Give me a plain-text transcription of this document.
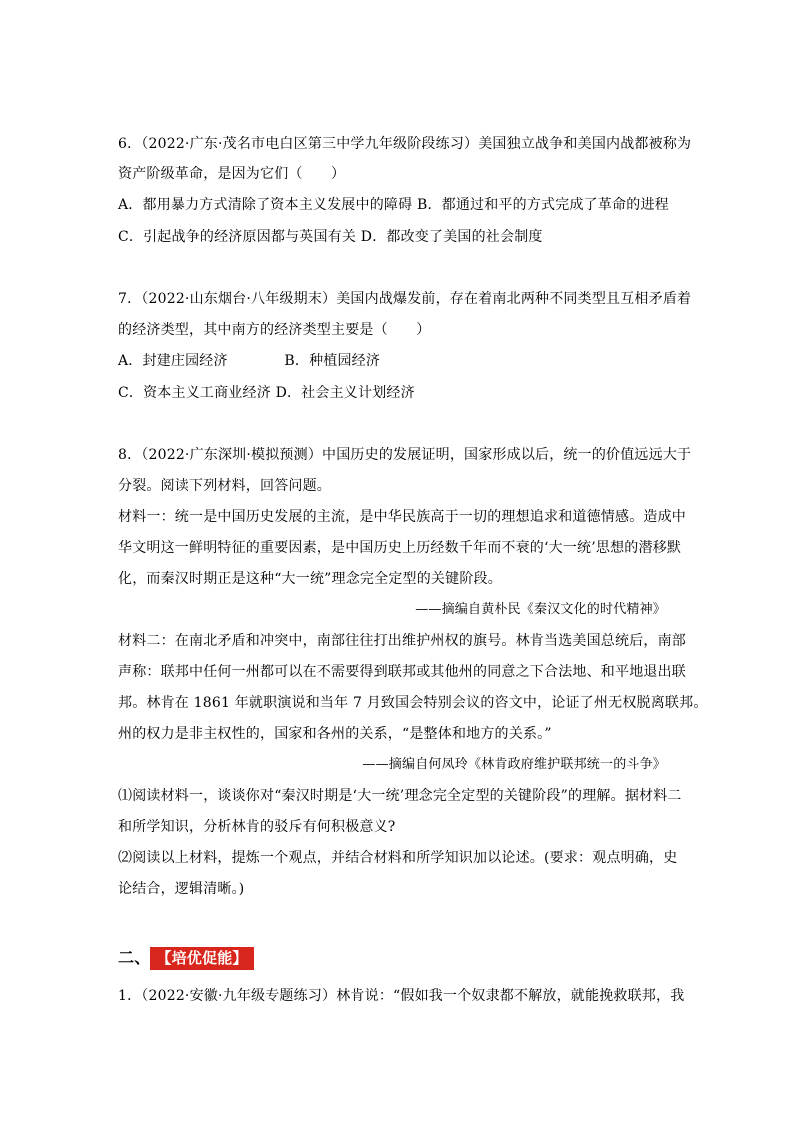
6．（2022·广东·茂名市电白区第三中学九年级阶段练习）美国独立战争和美国内战都被称为
资产阶级革命，是因为它们（　　）
A．都用暴力方式清除了资本主义发展中的障碍 B．都通过和平的方式完成了革命的进程
C．引起战争的经济原因都与英国有关 D．都改变了美国的社会制度
7．（2022·山东烟台·八年级期末）美国内战爆发前，存在着南北两种不同类型且互相矛盾着
的经济类型，其中南方的经济类型主要是（　　）
A．封建庄园经济	B．种植园经济
C．资本主义工商业经济 D．社会主义计划经济
8．（2022·广东深圳·模拟预测）中国历史的发展证明，国家形成以后，统一的价值远远大于
分裂。阅读下列材料，回答问题。
材料一：统一是中国历史发展的主流，是中华民族高于一切的理想追求和道德情感。造成中
华文明这一鲜明特征的重要因素，是中国历史上历经数千年而不衰的‘大一统’思想的潜移默
化，而秦汉时期正是这种“大一统”理念完全定型的关键阶段。
——摘编自黄朴民《秦汉文化的时代精神》
材料二：在南北矛盾和冲突中，南部往往打出维护州权的旗号。林肯当选美国总统后，南部
声称：联邦中任何一州都可以在不需要得到联邦或其他州的同意之下合法地、和平地退出联
邦。林肯在 1861 年就职演说和当年 7 月致国会特别会议的咨文中，论证了州无权脱离联邦。
州的权力是非主权性的，国家和各州的关系，“是整体和地方的关系。”
——摘编自何凤玲《林肯政府维护联邦统一的斗争》
⑴阅读材料一，谈谈你对“秦汉时期是‘大一统’理念完全定型的关键阶段”的理解。据材料二
和所学知识，分析林肯的驳斥有何积极意义?
⑵阅读以上材料，提炼一个观点，并结合材料和所学知识加以论述。(要求：观点明确，史
论结合，逻辑清晰。)
二、 【培优促能】
1．（2022·安徽·九年级专题练习）林肯说：“假如我一个奴隶都不解放，就能挽救联邦，我
